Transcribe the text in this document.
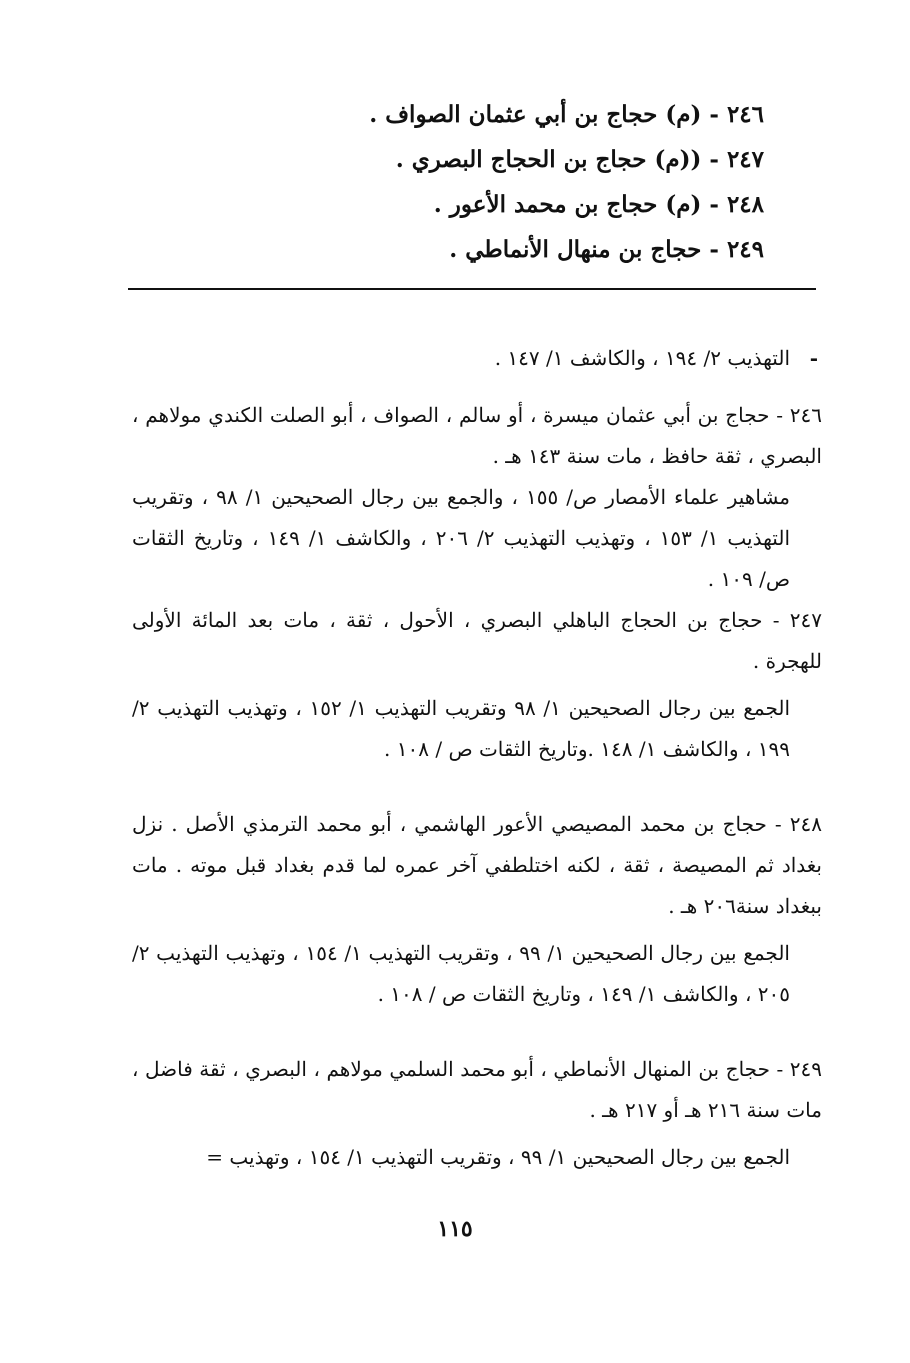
٢٤٦ - (م) حجاج بن أبي عثمان الصواف .
٢٤٧ - ((م) حجاج بن الحجاج البصري .
٢٤٨ - (م) حجاج بن محمد الأعور .
٢٤٩ - حجاج بن منهال الأنماطي .

-
التهذيب ٢/ ١٩٤ ، والكاشف ١/ ١٤٧ .

٢٤٦ - حجاج بن أبي عثمان ميسرة ، أو سالم ، الصواف ، أبو الصلت الكندي مولاهم ، البصري ، ثقة حافظ ، مات سنة ١٤٣ هـ .

مشاهير علماء الأمصار ص/ ١٥٥ ، والجمع بين رجال الصحيحين ١/ ٩٨ ، وتقريب التهذيب ١/ ١٥٣ ، وتهذيب التهذيب ٢/ ٢٠٦ ، والكاشف ١/ ١٤٩ ، وتاريخ الثقات ص/ ١٠٩ .

٢٤٧ - حجاج بن الحجاج الباهلي البصري ، الأحول ، ثقة ، مات بعد المائة الأولى للهجرة .

الجمع بين رجال الصحيحين ١/ ٩٨ وتقريب التهذيب ١/ ١٥٢ ، وتهذيب التهذيب ٢/ ١٩٩ ، والكاشف ١/ ١٤٨ .وتاريخ الثقات ص / ١٠٨ .

٢٤٨ - حجاج بن محمد المصيصي الأعور الهاشمي ، أبو محمد الترمذي الأصل . نزل بغداد ثم المصيصة ، ثقة ، لكنه اختلطفي آخر عمره لما قدم بغداد قبل موته . مات ببغداد سنة٢٠٦ هـ .

الجمع بين رجال الصحيحين ١/ ٩٩ ، وتقريب التهذيب ١/ ١٥٤ ، وتهذيب التهذيب ٢/ ٢٠٥ ، والكاشف ١/ ١٤٩ ، وتاريخ الثقات ص / ١٠٨ .

٢٤٩ - حجاج بن المنهال الأنماطي ، أبو محمد السلمي مولاهم ، البصري ، ثقة فاضل ، مات سنة ٢١٦ هـ أو ٢١٧ هـ .

الجمع بين رجال الصحيحين ١/ ٩٩ ، وتقريب التهذيب ١/ ١٥٤ ، وتهذيب =

١١٥
